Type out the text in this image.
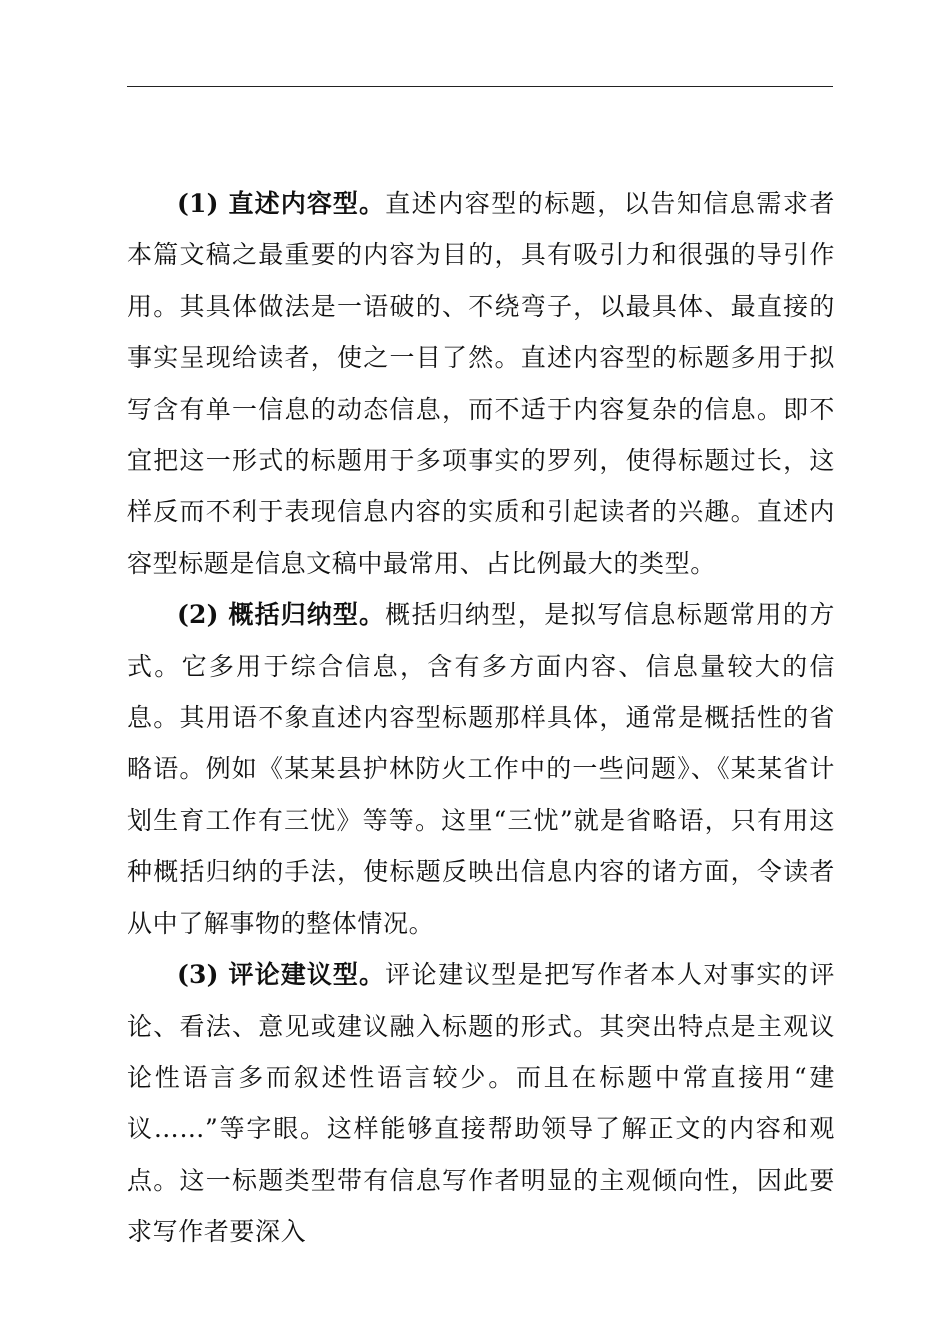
(1) 直述内容型。直述内容型的标题，以告知信息需求者本篇文稿之最重要的内容为目的，具有吸引力和很强的导引作用。其具体做法是一语破的、不绕弯子，以最具体、最直接的事实呈现给读者，使之一目了然。直述内容型的标题多用于拟写含有单一信息的动态信息，而不适于内容复杂的信息。即不宜把这一形式的标题用于多项事实的罗列，使得标题过长，这样反而不利于表现信息内容的实质和引起读者的兴趣。直述内容型标题是信息文稿中最常用、占比例最大的类型。

(2) 概括归纳型。概括归纳型，是拟写信息标题常用的方式。它多用于综合信息，含有多方面内容、信息量较大的信息。其用语不象直述内容型标题那样具体，通常是概括性的省略语。例如《某某县护林防火工作中的一些问题》、《某某省计划生育工作有三忧》等等。这里“三忧”就是省略语，只有用这种概括归纳的手法，使标题反映出信息内容的诸方面，令读者从中了解事物的整体情况。

(3) 评论建议型。评论建议型是把写作者本人对事实的评论、看法、意见或建议融入标题的形式。其突出特点是主观议论性语言多而叙述性语言较少。而且在标题中常直接用“建议……”等字眼。这样能够直接帮助领导了解正文的内容和观点。这一标题类型带有信息写作者明显的主观倾向性，因此要求写作者要深入
